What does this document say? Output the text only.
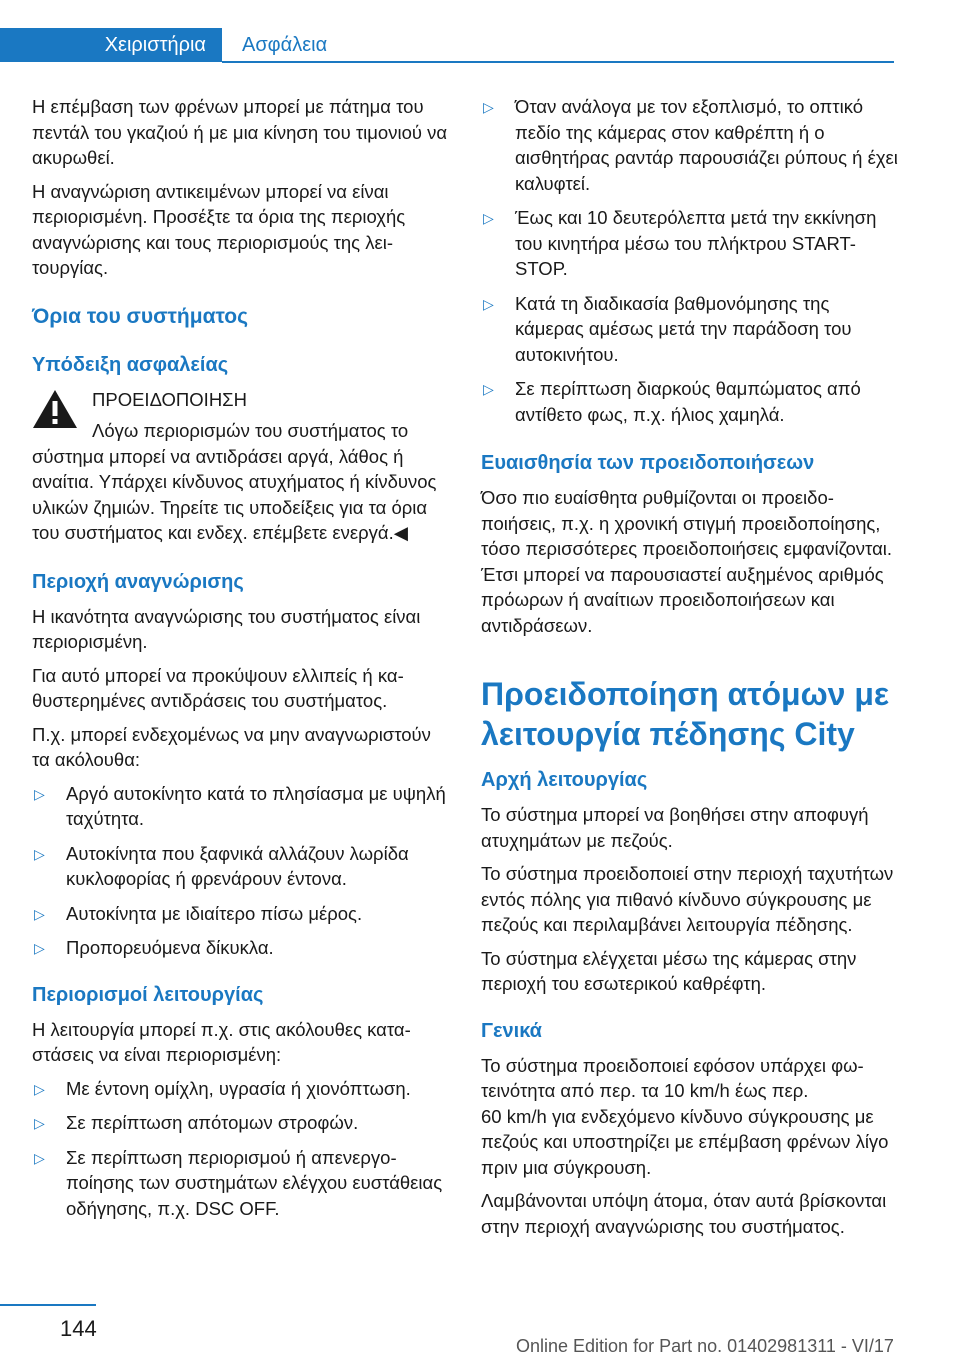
Χειριστήρια	Ασφάλεια

Η επέμβαση των φρένων μπορεί με πάτημα του πεντάλ του γκαζιού ή με μια κίνηση του τιμονιού να ακυρωθεί.

Η αναγνώριση αντικειμένων μπορεί να είναι περιορισμένη. Προσέξτε τα όρια της περιοχής αναγνώρισης και τους περιορισμούς της λειτουργίας.

Όρια του συστήματος
Υπόδειξη ασφαλείας

ΠΡΟΕΙΔΟΠΟΙΗΣΗ

Λόγω περιορισμών του συστήματος το

σύστημα μπορεί να αντιδράσει αργά, λάθος ή αναίτια. Υπάρχει κίνδυνος ατυχήματος ή κίνδυνος υλικών ζημιών. Τηρείτε τις υποδείξεις για τα όρια του συστήματος και ενδεχ. επέμβετε ενεργά.◀

Περιοχή αναγνώρισης

Η ικανότητα αναγνώρισης του συστήματος είναι περιορισμένη.

Για αυτό μπορεί να προκύψουν ελλιπείς ή καθυστερημένες αντιδράσεις του συστήματος.

Π.χ. μπορεί ενδεχομένως να μην αναγνωριστούν τα ακόλουθα:

▷ Αργό αυτοκίνητο κατά το πλησίασμα με υψηλή ταχύτητα.
▷ Αυτοκίνητα που ξαφνικά αλλάζουν λωρίδα κυκλοφορίας ή φρενάρουν έντονα.
▷ Αυτοκίνητα με ιδιαίτερο πίσω μέρος.
▷ Προπορευόμενα δίκυκλα.
Περιορισμοί λειτουργίας

Η λειτουργία μπορεί π.χ. στις ακόλουθες καταστάσεις να είναι περιορισμένη:

▷ Με έντονη ομίχλη, υγρασία ή χιονόπτωση.
▷ Σε περίπτωση απότομων στροφών.
▷ Σε περίπτωση περιορισμού ή απενεργοποίησης των συστημάτων ελέγχου ευστάθειας οδήγησης, π.χ. DSC OFF.
▷ Όταν ανάλογα με τον εξοπλισμό, το οπτικό πεδίο της κάμερας στον καθρέπτη ή ο αισθητήρας ραντάρ παρουσιάζει ρύπους ή έχει καλυφτεί.
▷ Έως και 10 δευτερόλεπτα μετά την εκκίνηση του κινητήρα μέσω του πλήκτρου START-STOP.
▷ Κατά τη διαδικασία βαθμονόμησης της κάμερας αμέσως μετά την παράδοση του αυτοκινήτου.
▷ Σε περίπτωση διαρκούς θαμπώματος από αντίθετο φως, π.χ. ήλιος χαμηλά.
Ευαισθησία των προειδοποιήσεων

Όσο πιο ευαίσθητα ρυθμίζονται οι προειδοποιήσεις, π.χ. η χρονική στιγμή προειδοποίησης, τόσο περισσότερες προειδοποιήσεις εμφανίζονται. Έτσι μπορεί να παρουσιαστεί αυξημένος αριθμός πρόωρων ή αναίτιων προειδοποιήσεων και αντιδράσεων.

Προειδοποίηση ατόμων με λειτουργία πέδησης City
Αρχή λειτουργίας

Το σύστημα μπορεί να βοηθήσει στην αποφυγή ατυχημάτων με πεζούς.

Το σύστημα προειδοποιεί στην περιοχή ταχυτήτων εντός πόλης για πιθανό κίνδυνο σύγκρουσης με πεζούς και περιλαμβάνει λειτουργία πέδησης.

Το σύστημα ελέγχεται μέσω της κάμερας στην περιοχή του εσωτερικού καθρέφτη.

Γενικά

Το σύστημα προειδοποιεί εφόσον υπάρχει φωτεινότητα από περ. τα 10 km/h έως περ.

60 km/h για ενδεχόμενο κίνδυνο σύγκρουσης με πεζούς και υποστηρίζει με επέμβαση φρένων λίγο πριν μια σύγκρουση.

Λαμβάνονται υπόψη άτομα, όταν αυτά βρίσκονται στην περιοχή αναγνώρισης του συστήματος.

144
Online Edition for Part no. 01402981311 - VI/17
